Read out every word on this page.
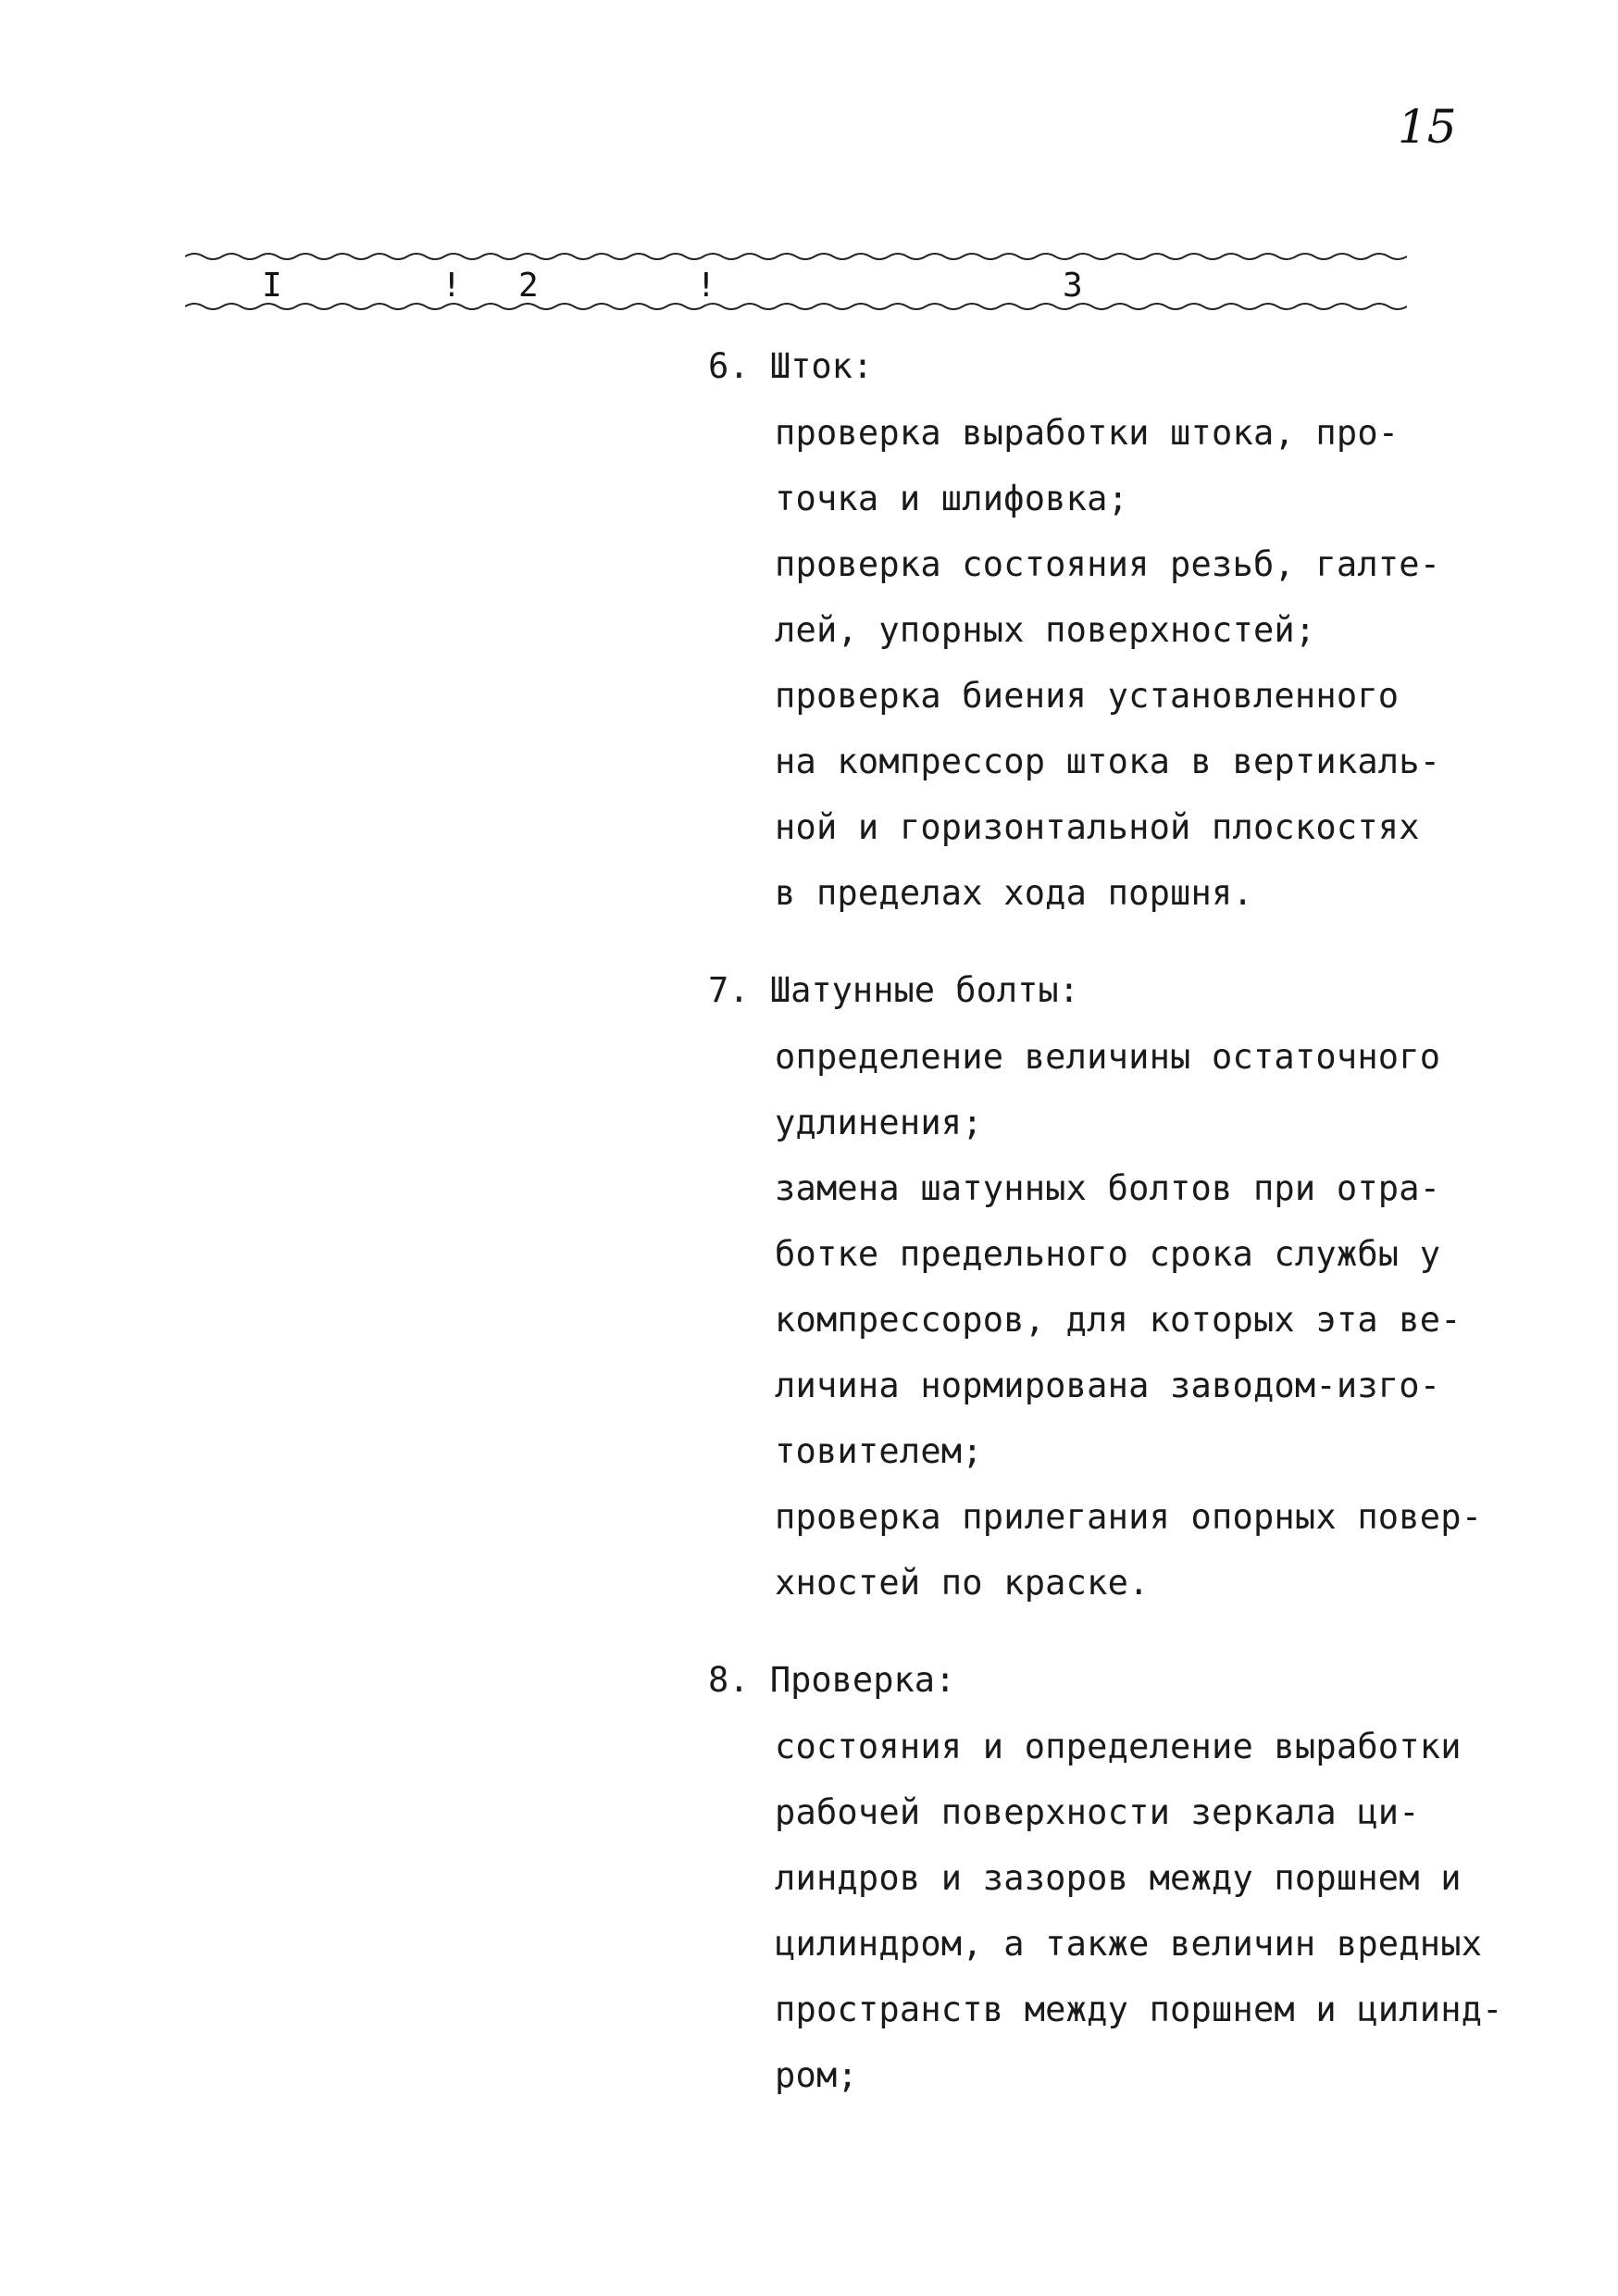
15
I	! 2	!	3
6. Шток:
проверка выработки штока, про-
точка и шлифовка;
проверка состояния резьб, галте-
лей, упорных поверхностей;
проверка биения установленного
на компрессор штока в вертикаль-
ной и горизонтальной плоскостях
в пределах хода поршня.
7. Шатунные болты:
определение величины остаточного
удлинения;
замена шатунных болтов при отра-
ботке предельного срока службы у
компрессоров, для которых эта ве-
личина нормирована заводом-изго-
товителем;
проверка прилегания опорных повер-
хностей по краске.
8. Проверка:
состояния и определение выработки
рабочей поверхности зеркала ци-
линдров и зазоров между поршнем и
цилиндром, а также величин вредных
пространств между поршнем и цилинд-
ром;
